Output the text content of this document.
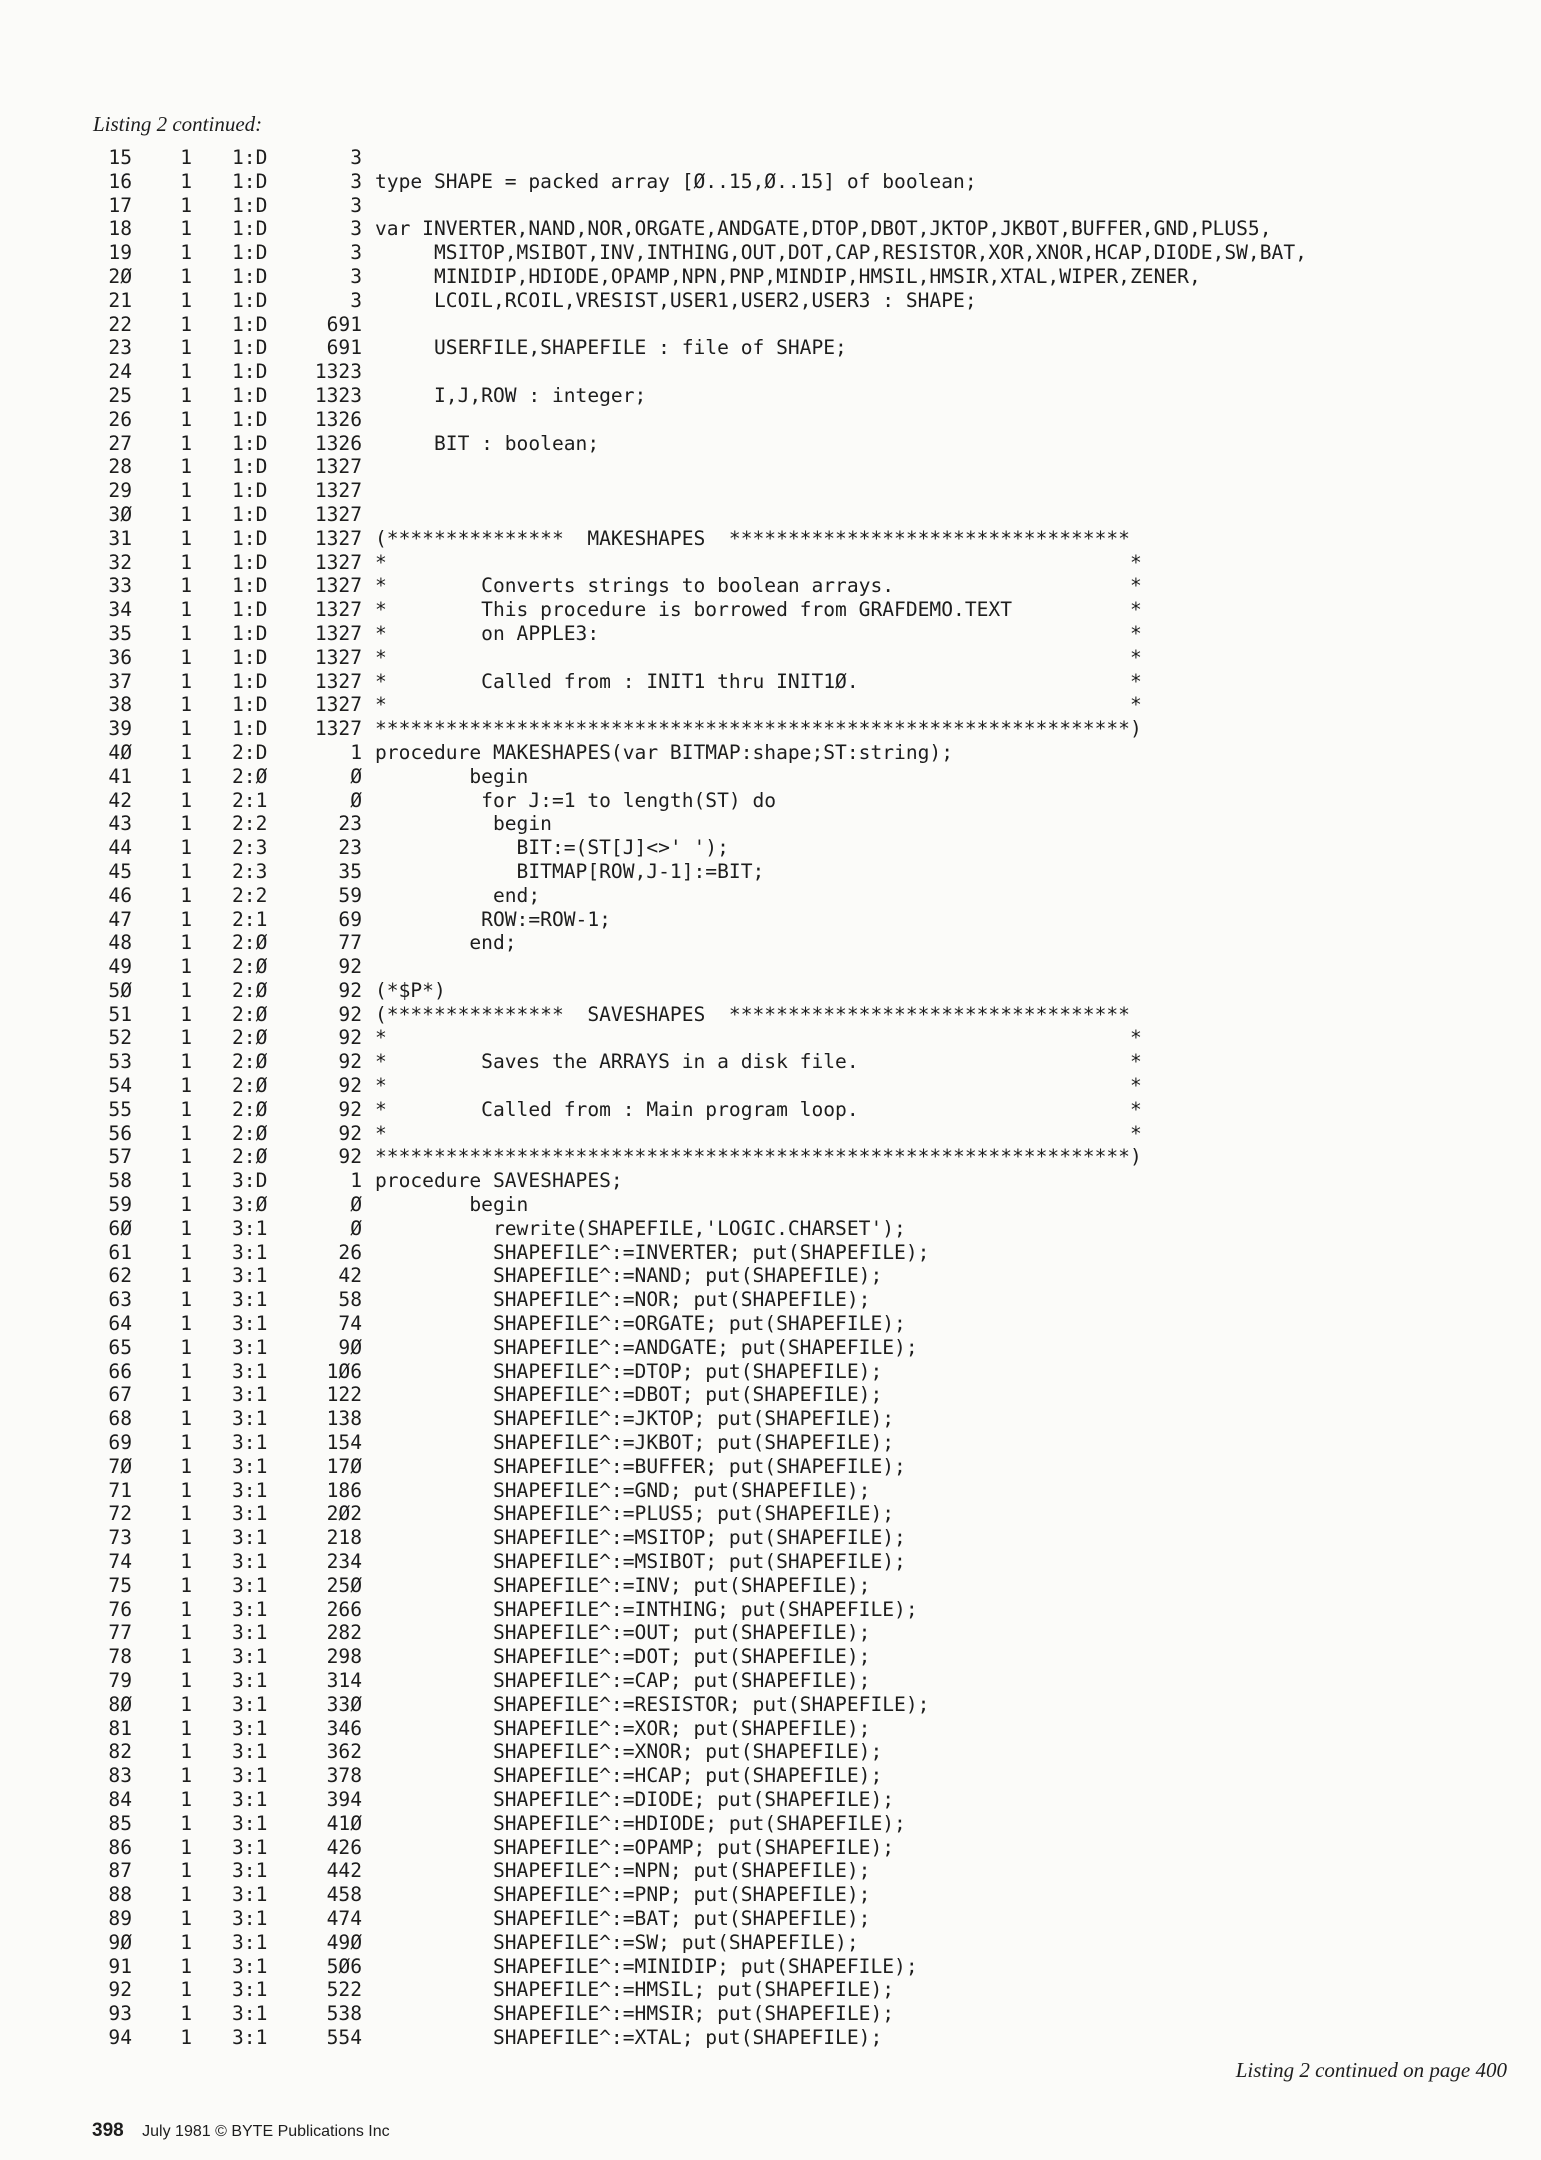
Listing 2 continued:
15	1 1:D	3
16	1 1:D	3 type SHAPE = packed array [Ø..15,Ø..15] of boolean;
17	1 1:D	3
18	1 1:D	3 var INVERTER,NAND,NOR,ORGATE,ANDGATE,DTOP,DBOT,JKTOP,JKBOT,BUFFER,GND,PLUS5,
19	1 1:D	3 MSITOP,MSIBOT,INV,INTHING,OUT,DOT,CAP,RESISTOR,XOR,XNOR,HCAP,DIODE,SW,BAT,
2Ø	1 1:D	3 MINIDIP,HDIODE,OPAMP,NPN,PNP,MINDIP,HMSIL,HMSIR,XTAL,WIPER,ZENER,
21	1 1:D	3 LCOIL,RCOIL,VRESIST,USER1,USER2,USER3 : SHAPE;
22	1 1:D	691
23	1 1:D	691 USERFILE,SHAPEFILE : file of SHAPE;
24	1 1:D	1323
25	1 1:D	1323 I,J,ROW : integer;
26	1 1:D	1326
27	1 1:D	1326 BIT : boolean;
28	1 1:D	1327
29	1 1:D	1327
3Ø	1 1:D	1327
31	1 1:D	1327 (***************  MAKESHAPES  **********************************
32	1 1:D	1327 *                                                               *
33	1 1:D	1327 *        Converts strings to boolean arrays.                    *
34	1 1:D	1327 *        This procedure is borrowed from GRAFDEMO.TEXT          *
35	1 1:D	1327 *        on APPLE3:                                             *
36	1 1:D	1327 *                                                               *
37	1 1:D	1327 *        Called from : INIT1 thru INIT1Ø.                       *
38	1 1:D	1327 *                                                               *
39	1 1:D	1327 ****************************************************************)
4Ø	1 2:D	1 procedure MAKESHAPES(var BITMAP:shape;ST:string);
41	1 2:Ø	Ø begin
42	1 2:1	Ø for J:=1 to length(ST) do
43	1 2:2	23 begin
44	1 2:3	23 BIT:=(ST[J]<>' ');
45	1 2:3	35 BITMAP[ROW,J-1]:=BIT;
46	1 2:2	59 end;
47	1 2:1	69 ROW:=ROW-1;
48	1 2:Ø	77 end;
49	1 2:Ø	92
5Ø	1 2:Ø	92 (*$P*)
51	1 2:Ø	92 (***************  SAVESHAPES  **********************************
52	1 2:Ø	92 *                                                               *
53	1 2:Ø	92 *        Saves the ARRAYS in a disk file.                       *
54	1 2:Ø	92 *                                                               *
55	1 2:Ø	92 *        Called from : Main program loop.                       *
56	1 2:Ø	92 *                                                               *
57	1 2:Ø	92 ****************************************************************)
58	1 3:D	1 procedure SAVESHAPES;
59	1 3:Ø	Ø begin
6Ø	1 3:1	Ø rewrite(SHAPEFILE,'LOGIC.CHARSET');
61	1 3:1	26 SHAPEFILE^:=INVERTER; put(SHAPEFILE);
62	1 3:1	42 SHAPEFILE^:=NAND; put(SHAPEFILE);
63	1 3:1	58 SHAPEFILE^:=NOR; put(SHAPEFILE);
64	1 3:1	74 SHAPEFILE^:=ORGATE; put(SHAPEFILE);
65	1 3:1	9Ø SHAPEFILE^:=ANDGATE; put(SHAPEFILE);
66	1 3:1	1Ø6 SHAPEFILE^:=DTOP; put(SHAPEFILE);
67	1 3:1	122 SHAPEFILE^:=DBOT; put(SHAPEFILE);
68	1 3:1	138 SHAPEFILE^:=JKTOP; put(SHAPEFILE);
69	1 3:1	154 SHAPEFILE^:=JKBOT; put(SHAPEFILE);
7Ø	1 3:1	17Ø SHAPEFILE^:=BUFFER; put(SHAPEFILE);
71	1 3:1	186 SHAPEFILE^:=GND; put(SHAPEFILE);
72	1 3:1	2Ø2 SHAPEFILE^:=PLUS5; put(SHAPEFILE);
73	1 3:1	218 SHAPEFILE^:=MSITOP; put(SHAPEFILE);
74	1 3:1	234 SHAPEFILE^:=MSIBOT; put(SHAPEFILE);
75	1 3:1	25Ø SHAPEFILE^:=INV; put(SHAPEFILE);
76	1 3:1	266 SHAPEFILE^:=INTHING; put(SHAPEFILE);
77	1 3:1	282 SHAPEFILE^:=OUT; put(SHAPEFILE);
78	1 3:1	298 SHAPEFILE^:=DOT; put(SHAPEFILE);
79	1 3:1	314 SHAPEFILE^:=CAP; put(SHAPEFILE);
8Ø	1 3:1	33Ø SHAPEFILE^:=RESISTOR; put(SHAPEFILE);
81	1 3:1	346 SHAPEFILE^:=XOR; put(SHAPEFILE);
82	1 3:1	362 SHAPEFILE^:=XNOR; put(SHAPEFILE);
83	1 3:1	378 SHAPEFILE^:=HCAP; put(SHAPEFILE);
84	1 3:1	394 SHAPEFILE^:=DIODE; put(SHAPEFILE);
85	1 3:1	41Ø SHAPEFILE^:=HDIODE; put(SHAPEFILE);
86	1 3:1	426 SHAPEFILE^:=OPAMP; put(SHAPEFILE);
87	1 3:1	442 SHAPEFILE^:=NPN; put(SHAPEFILE);
88	1 3:1	458 SHAPEFILE^:=PNP; put(SHAPEFILE);
89	1 3:1	474 SHAPEFILE^:=BAT; put(SHAPEFILE);
9Ø	1 3:1	49Ø SHAPEFILE^:=SW; put(SHAPEFILE);
91	1 3:1	5Ø6 SHAPEFILE^:=MINIDIP; put(SHAPEFILE);
92	1 3:1	522 SHAPEFILE^:=HMSIL; put(SHAPEFILE);
93	1 3:1	538 SHAPEFILE^:=HMSIR; put(SHAPEFILE);
94	1 3:1	554 SHAPEFILE^:=XTAL; put(SHAPEFILE);
Listing 2 continued on page 400
398 July 1981 © BYTE Publications Inc
